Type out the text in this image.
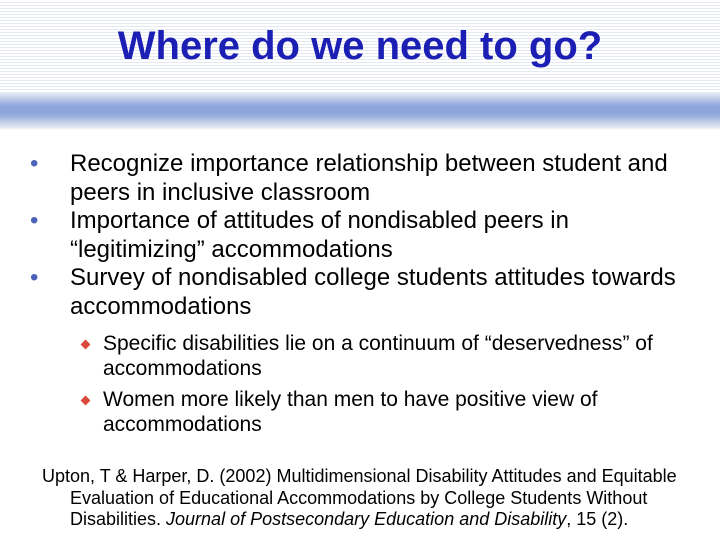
Where do we need to go?
• Recognize importance relationship between student and peers in inclusive classroom
• Importance of attitudes of nondisabled peers in “legitimizing” accommodations
• Survey of nondisabled college students attitudes towards accommodations
Specific disabilities lie on a continuum of “deservedness” of accommodations
Women more likely than men to have positive view of accommodations

Upton, T & Harper, D. (2002) Multidimensional Disability Attitudes and Equitable Evaluation of Educational Accommodations by College Students Without Disabilities. Journal of Postsecondary Education and Disability, 15 (2).
